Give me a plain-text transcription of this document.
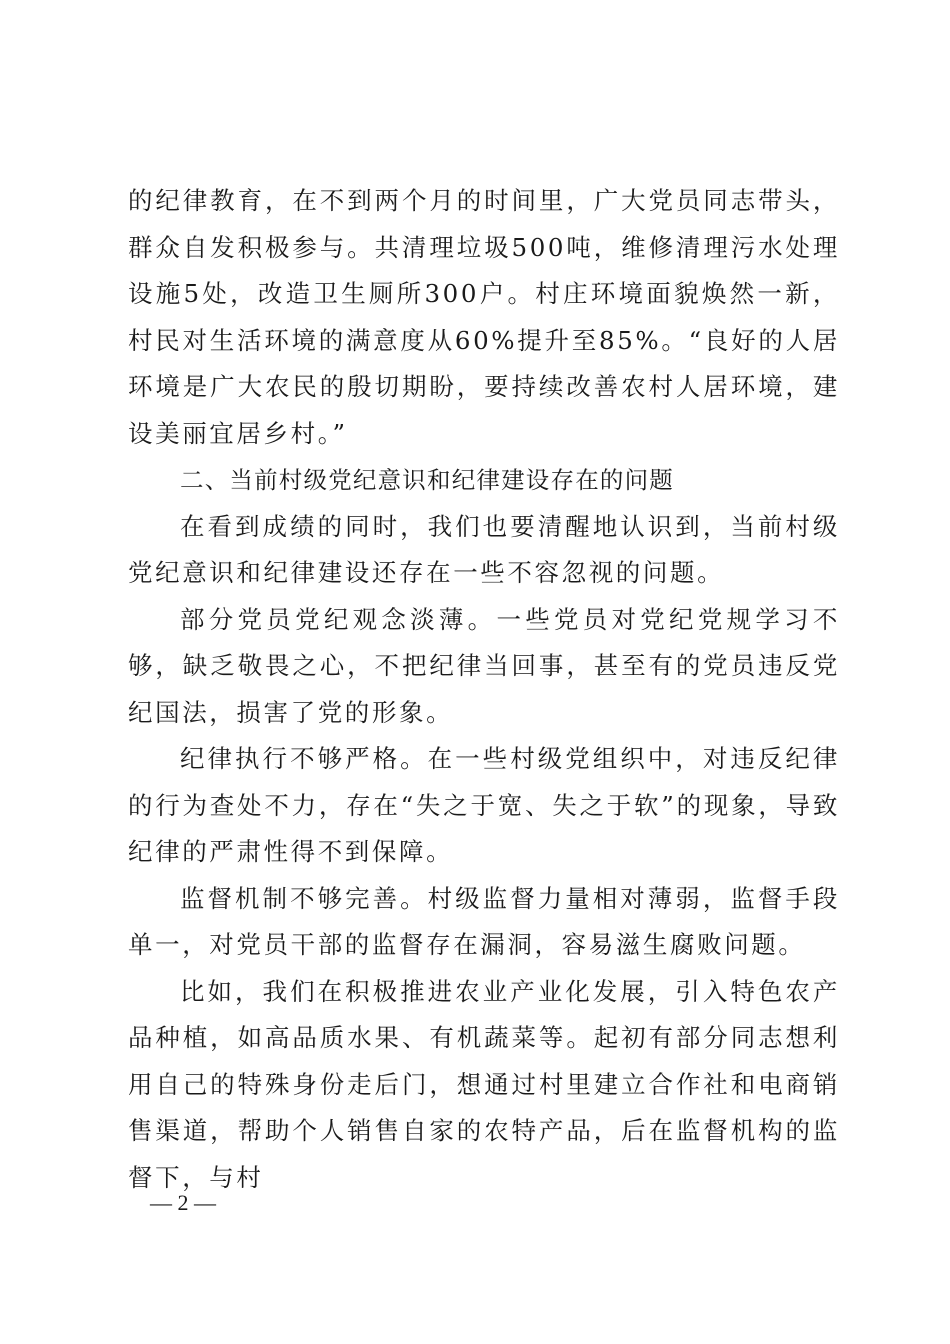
的纪律教育，在不到两个月的时间里，广大党员同志带头，群众自发积极参与。共清理垃圾500吨，维修清理污水处理设施5处，改造卫生厕所300户。村庄环境面貌焕然一新，村民对生活环境的满意度从60%提升至85%。“良好的人居环境是广大农民的殷切期盼，要持续改善农村人居环境，建设美丽宜居乡村。”

二、当前村级党纪意识和纪律建设存在的问题

在看到成绩的同时，我们也要清醒地认识到，当前村级党纪意识和纪律建设还存在一些不容忽视的问题。

部分党员党纪观念淡薄。一些党员对党纪党规学习不够，缺乏敬畏之心，不把纪律当回事，甚至有的党员违反党纪国法，损害了党的形象。

纪律执行不够严格。在一些村级党组织中，对违反纪律的行为查处不力，存在“失之于宽、失之于软”的现象，导致纪律的严肃性得不到保障。

监督机制不够完善。村级监督力量相对薄弱，监督手段单一，对党员干部的监督存在漏洞，容易滋生腐败问题。

比如，我们在积极推进农业产业化发展，引入特色农产品种植，如高品质水果、有机蔬菜等。起初有部分同志想利用自己的特殊身份走后门，想通过村里建立合作社和电商销售渠道，帮助个人销售自家的农特产品，后在监督机构的监督下，与村

— 2 —
